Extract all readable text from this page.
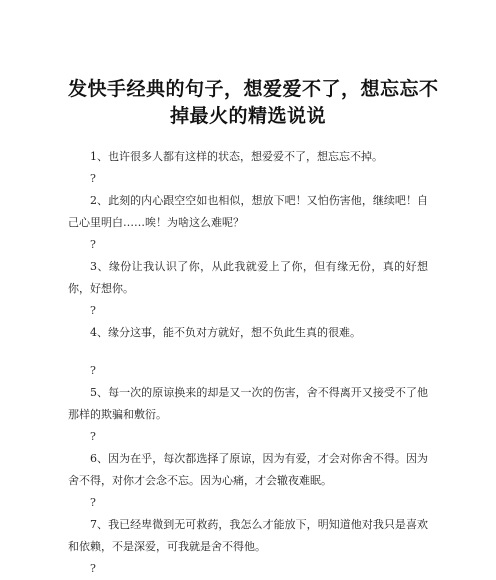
发快手经典的句子，想爱爱不了，想忘忘不
掉最火的精选说说

1、也许很多人都有这样的状态，想爱爱不了，想忘忘不掉。

?

2、此刻的内心跟空空如也相似，想放下吧！又怕伤害他，继续吧！自己心里明白……唉！为啥这么难呢？

?

3、缘份让我认识了你，从此我就爱上了你，但有缘无份，真的好想你，好想你。

?

4、缘分这事，能不负对方就好，想不负此生真的很难。

?

5、每一次的原谅换来的却是又一次的伤害，舍不得离开又接受不了他那样的欺骗和敷衍。

?

6、因为在乎，每次都选择了原谅，因为有爱，才会对你舍不得。因为舍不得，对你才会念不忘。因为心痛，才会辙夜难眠。

?

7、我已经卑微到无可救药，我怎么才能放下，明知道他对我只是喜欢和依赖，不是深爱，可我就是舍不得他。

?
